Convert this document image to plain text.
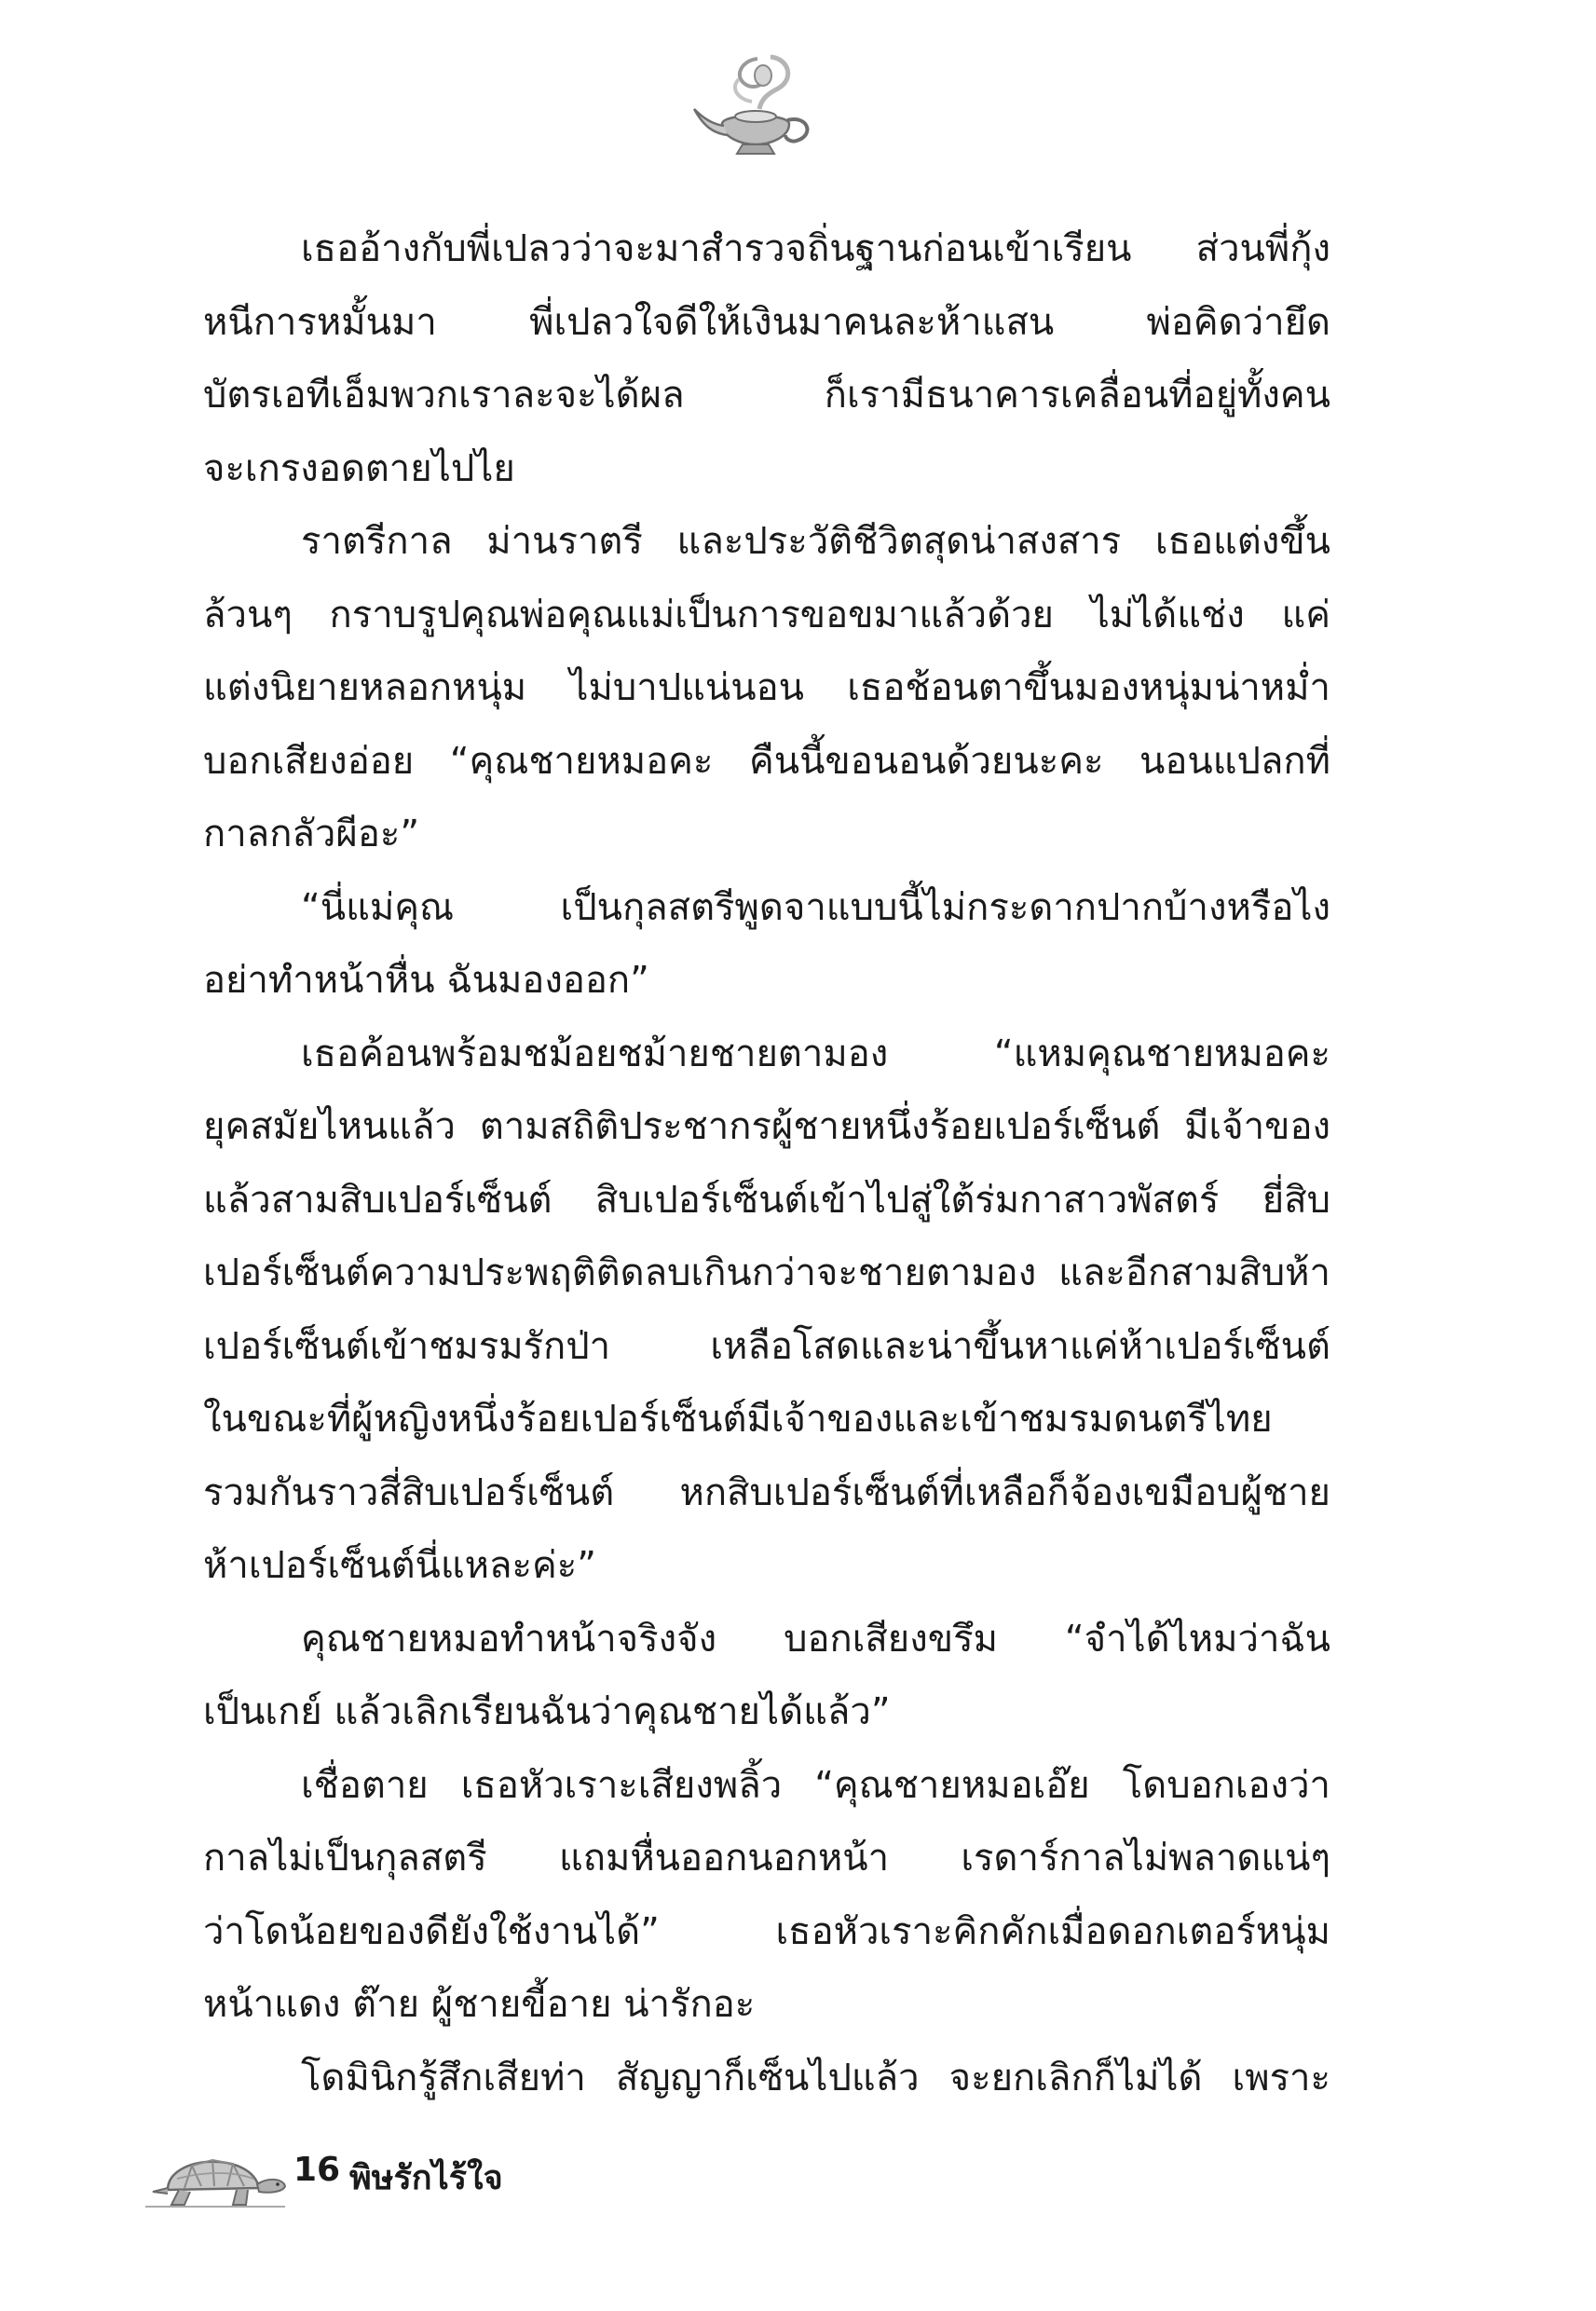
เธออ้างกับพี่เปลวว่าจะมาสำรวจถิ่นฐานก่อนเข้าเรียน ส่วนพี่กุ้ง
หนีการหมั้นมา พี่เปลวใจดีให้เงินมาคนละห้าแสน พ่อคิดว่ายึด
บัตรเอทีเอ็มพวกเราละจะได้ผล ก็เรามีธนาคารเคลื่อนที่อยู่ทั้งคน
จะเกรงอดตายไปไย
ราตรีกาล ม่านราตรี และประวัติชีวิตสุดน่าสงสาร เธอแต่งขึ้น
ล้วนๆ กราบรูปคุณพ่อคุณแม่เป็นการขอขมาแล้วด้วย ไม่ได้แช่ง แค่
แต่งนิยายหลอกหนุ่ม ไม่บาปแน่นอน เธอช้อนตาขึ้นมองหนุ่มน่าหม่ำ
บอกเสียงอ่อย “คุณชายหมอคะ คืนนี้ขอนอนด้วยนะคะ นอนแปลกที่
กาลกลัวผีอะ”
“นี่แม่คุณ เป็นกุลสตรีพูดจาแบบนี้ไม่กระดากปากบ้างหรือไง
อย่าทำหน้าหื่น ฉันมองออก”
เธอค้อนพร้อมชม้อยชม้ายชายตามอง “แหมคุณชายหมอคะ
ยุคสมัยไหนแล้ว ตามสถิติประชากรผู้ชายหนึ่งร้อยเปอร์เซ็นต์ มีเจ้าของ
แล้วสามสิบเปอร์เซ็นต์ สิบเปอร์เซ็นต์เข้าไปสู่ใต้ร่มกาสาวพัสตร์ ยี่สิบ
เปอร์เซ็นต์ความประพฤติติดลบเกินกว่าจะชายตามอง และอีกสามสิบห้า
เปอร์เซ็นต์เข้าชมรมรักป่า เหลือโสดและน่าขึ้นหาแค่ห้าเปอร์เซ็นต์
ในขณะที่ผู้หญิงหนึ่งร้อยเปอร์เซ็นต์มีเจ้าของและเข้าชมรมดนตรีไทย
รวมกันราวสี่สิบเปอร์เซ็นต์ หกสิบเปอร์เซ็นต์ที่เหลือก็จ้องเขมือบผู้ชาย
ห้าเปอร์เซ็นต์นี่แหละค่ะ”
คุณชายหมอทำหน้าจริงจัง บอกเสียงขรึม “จำได้ไหมว่าฉัน
เป็นเกย์ แล้วเลิกเรียนฉันว่าคุณชายได้แล้ว”
เชื่อตาย เธอหัวเราะเสียงพลิ้ว “คุณชายหมอเอ๊ย โดบอกเองว่า
กาลไม่เป็นกุลสตรี แถมหื่นออกนอกหน้า เรดาร์กาลไม่พลาดแน่ๆ
ว่าโดน้อยของดียังใช้งานได้” เธอหัวเราะคิกคักเมื่อดอกเตอร์หนุ่ม
หน้าแดง ต๊าย ผู้ชายขี้อาย น่ารักอะ
โดมินิกรู้สึกเสียท่า สัญญาก็เซ็นไปแล้ว จะยกเลิกก็ไม่ได้ เพราะ
16 พิษรักไร้ใจ
